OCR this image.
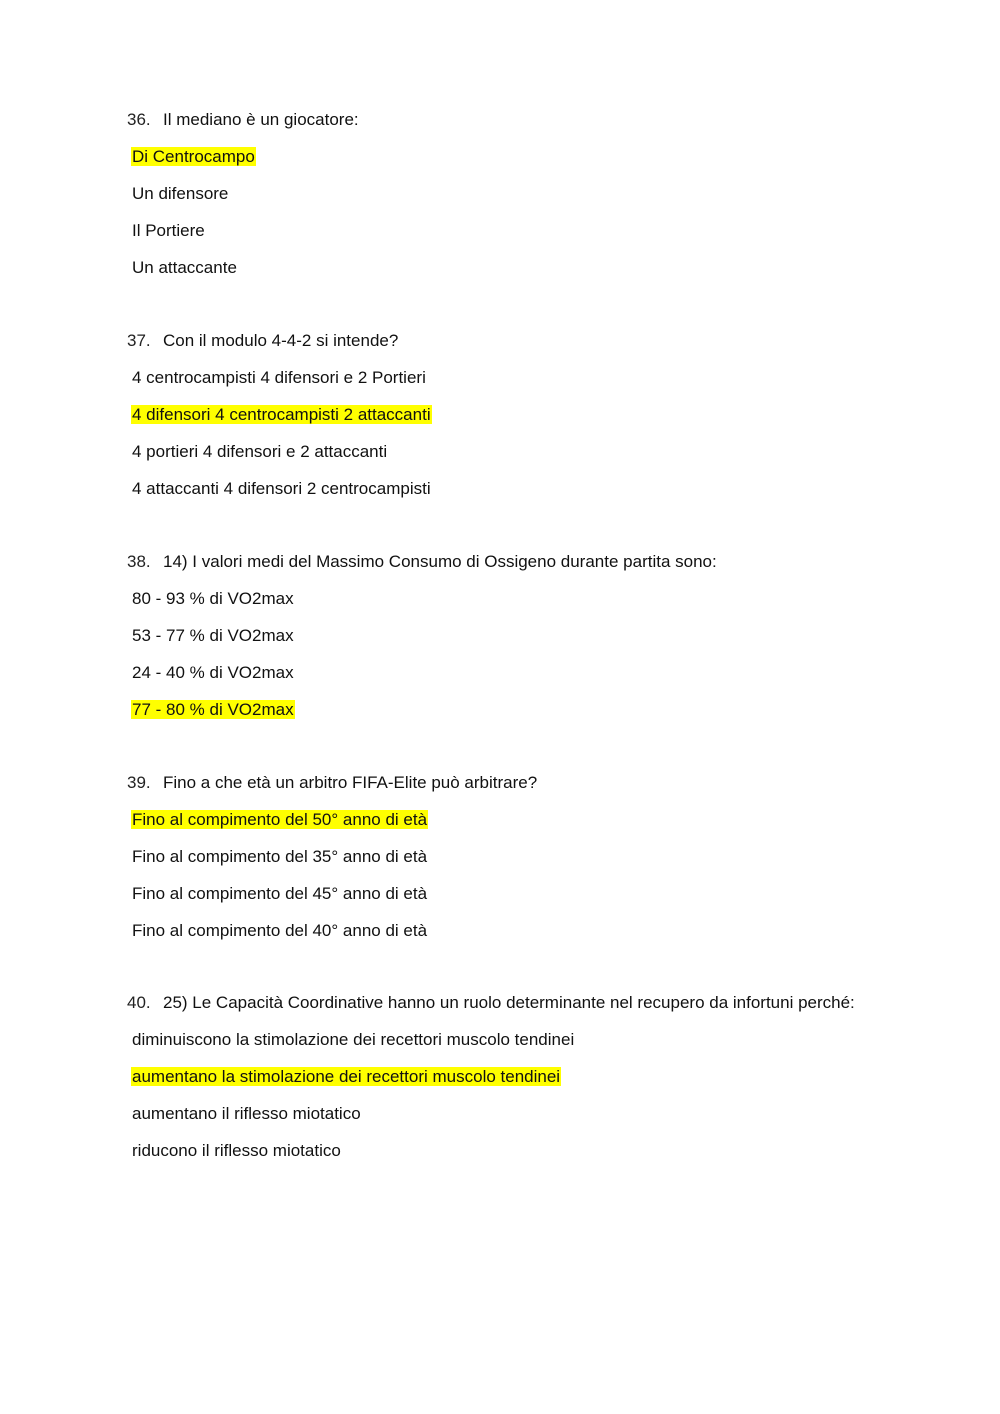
36. Il mediano è un giocatore:
Di Centrocampo
Un difensore
Il Portiere
Un attaccante
37. Con il modulo 4-4-2 si intende?
4 centrocampisti 4 difensori e 2 Portieri
4 difensori 4 centrocampisti 2 attaccanti
4 portieri 4 difensori e 2 attaccanti
4 attaccanti 4 difensori 2 centrocampisti
38. 14) I valori medi del Massimo Consumo di Ossigeno durante partita sono:
80 - 93 % di VO2max
53 - 77 % di VO2max
24 - 40 % di VO2max
77 - 80 % di VO2max
39. Fino a che età un arbitro FIFA-Elite può arbitrare?
Fino al compimento del 50° anno di età
Fino al compimento del 35° anno di età
Fino al compimento del 45° anno di età
Fino al compimento del 40° anno di età
40. 25) Le Capacità Coordinative hanno un ruolo determinante nel recupero da infortuni perché:
diminuiscono la stimolazione dei recettori muscolo tendinei
aumentano la stimolazione dei recettori muscolo tendinei
aumentano il riflesso miotatico
riducono il riflesso miotatico
